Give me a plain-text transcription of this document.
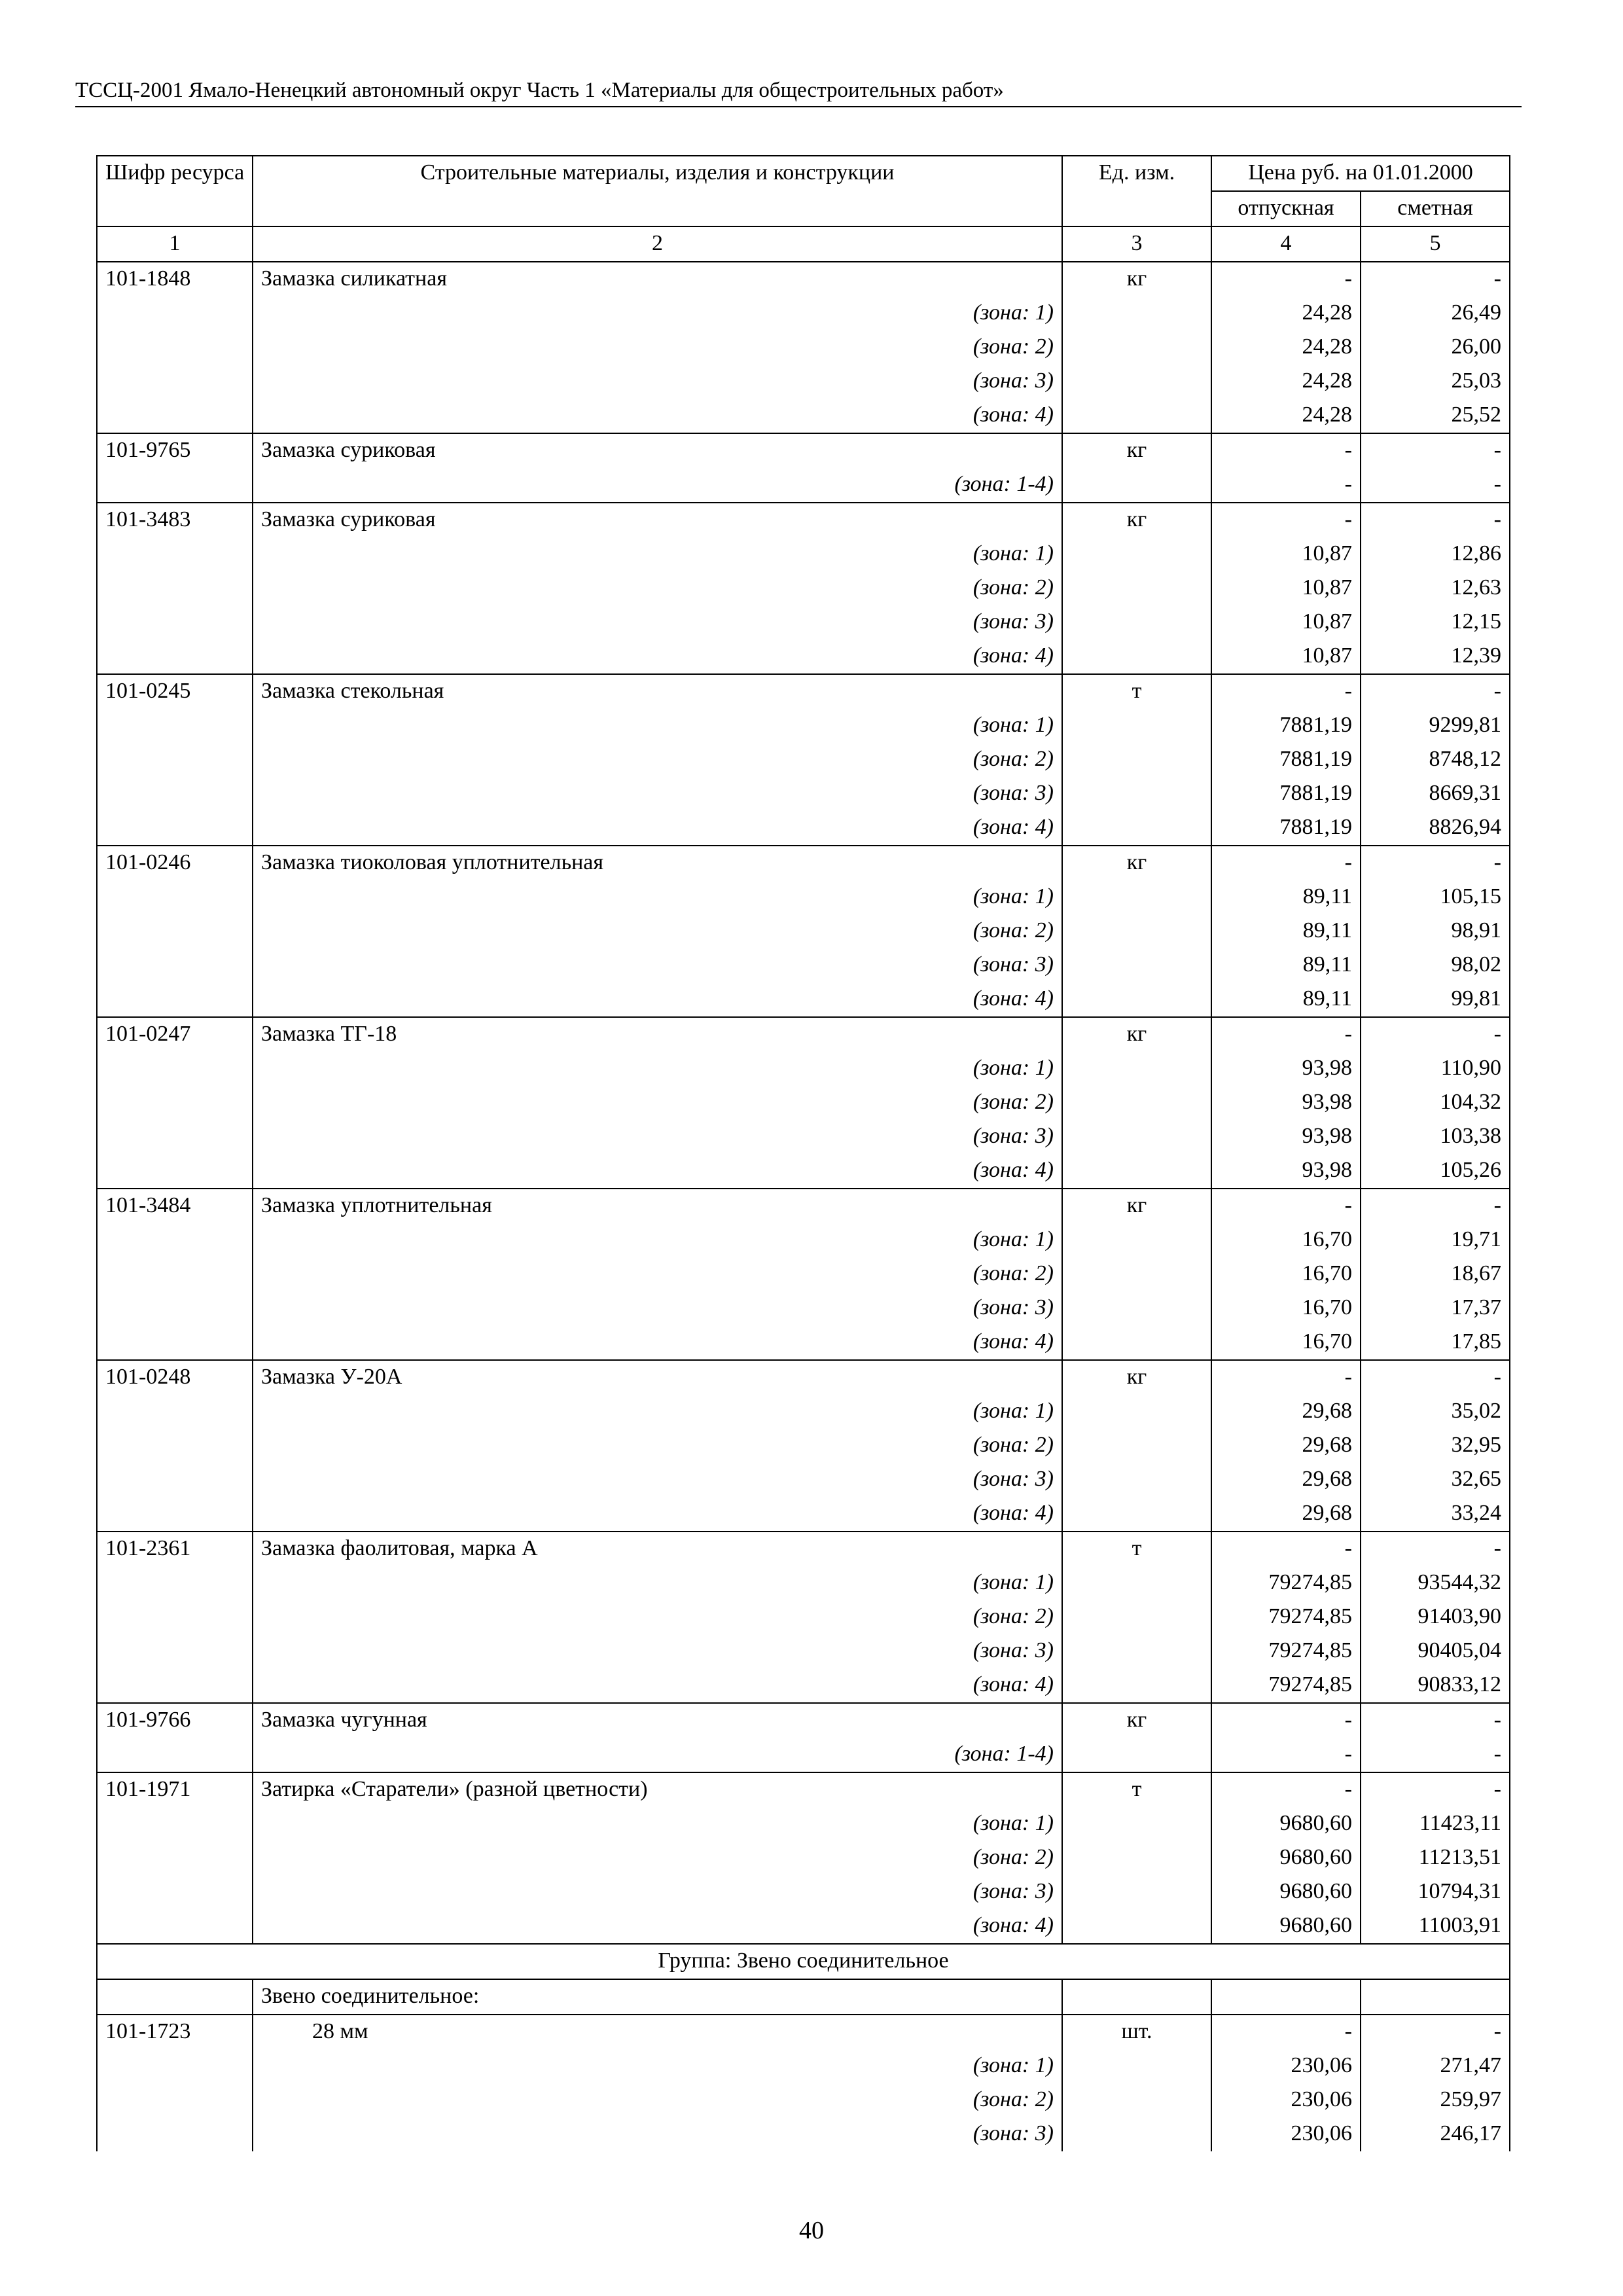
ТССЦ-2001 Ямало-Ненецкий автономный округ Часть 1 «Материалы для общестроительных работ»
Шифр ресурса	Строительные материалы, изделия и конструкции	Ед. изм.	Цена руб. на 01.01.2000	
			отпускная	сметная
1	2	3	4	5
101-1848	Замазка силикатная	кг	-	-
	(зона: 1)		24,28	26,49
	(зона: 2)		24,28	26,00
	(зона: 3)		24,28	25,03
	(зона: 4)		24,28	25,52
101-9765	Замазка суриковая	кг	-	-
	(зона: 1-4)		-	-
101-3483	Замазка суриковая	кг	-	-
	(зона: 1)		10,87	12,86
	(зона: 2)		10,87	12,63
	(зона: 3)		10,87	12,15
	(зона: 4)		10,87	12,39
101-0245	Замазка стекольная	т	-	-
	(зона: 1)		7881,19	9299,81
	(зона: 2)		7881,19	8748,12
	(зона: 3)		7881,19	8669,31
	(зона: 4)		7881,19	8826,94
101-0246	Замазка тиоколовая уплотнительная	кг	-	-
	(зона: 1)		89,11	105,15
	(зона: 2)		89,11	98,91
	(зона: 3)		89,11	98,02
	(зона: 4)		89,11	99,81
101-0247	Замазка ТГ-18	кг	-	-
	(зона: 1)		93,98	110,90
	(зона: 2)		93,98	104,32
	(зона: 3)		93,98	103,38
	(зона: 4)		93,98	105,26
101-3484	Замазка уплотнительная	кг	-	-
	(зона: 1)		16,70	19,71
	(зона: 2)		16,70	18,67
	(зона: 3)		16,70	17,37
	(зона: 4)		16,70	17,85
101-0248	Замазка У-20А	кг	-	-
	(зона: 1)		29,68	35,02
	(зона: 2)		29,68	32,95
	(зона: 3)		29,68	32,65
	(зона: 4)		29,68	33,24
101-2361	Замазка фаолитовая, марка А	т	-	-
	(зона: 1)		79274,85	93544,32
	(зона: 2)		79274,85	91403,90
	(зона: 3)		79274,85	90405,04
	(зона: 4)		79274,85	90833,12
101-9766	Замазка чугунная	кг	-	-
	(зона: 1-4)		-	-
101-1971	Затирка «Старатели» (разной цветности)	т	-	-
	(зона: 1)		9680,60	11423,11
	(зона: 2)		9680,60	11213,51
	(зона: 3)		9680,60	10794,31
	(зона: 4)		9680,60	11003,91
Группа: Звено соединительное				
	Звено соединительное:			
101-1723	28 мм	шт.	-	-
	(зона: 1)		230,06	271,47
	(зона: 2)		230,06	259,97
	(зона: 3)		230,06	246,17
40
